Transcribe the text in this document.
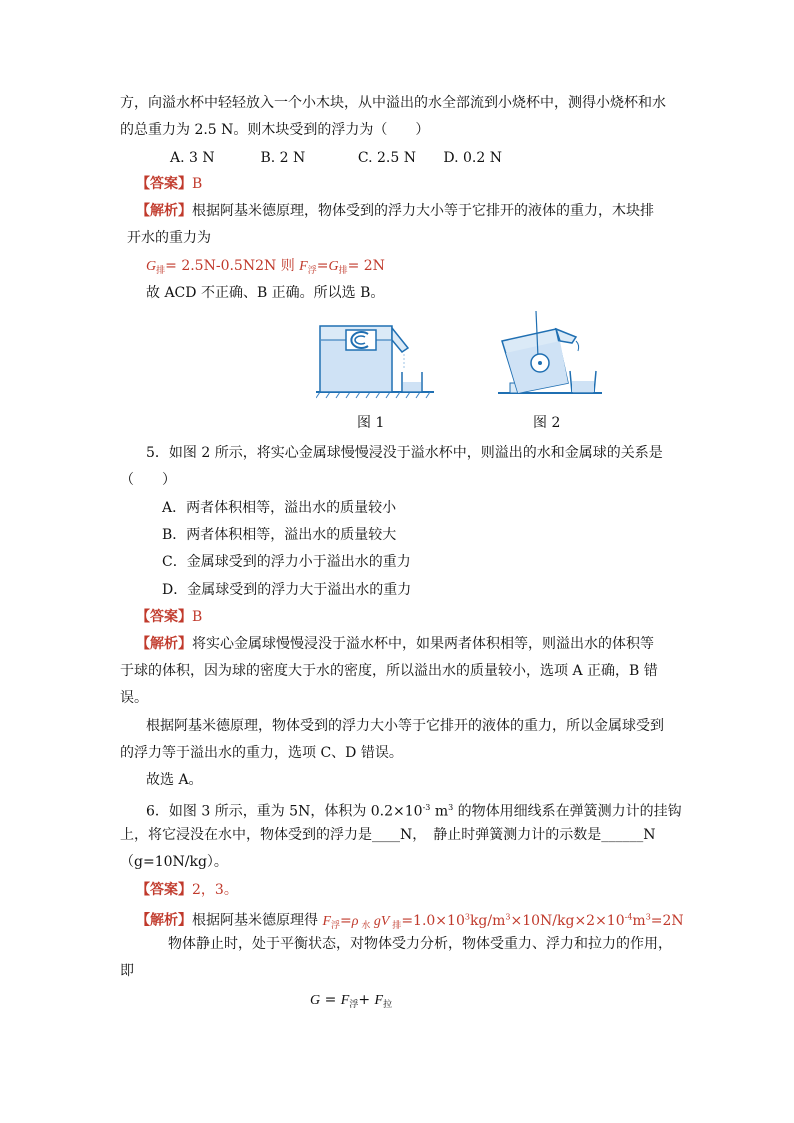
方，向溢水杯中轻轻放入一个小木块，从中溢出的水全部流到小烧杯中，测得小烧杯和水
的总重力为 2.5 N。则木块受到的浮力为（　　）
A. 3 N	B. 2 N	C. 2.5 N D. 0.2 N
【答案】B
【解析】根据阿基米德原理，物体受到的浮力大小等于它排开的液体的重力，木块排
开水的重力为
$G_排= 2.5N-0.5N2N$ 则 $F_浮=G_排= 2N$
故 ACD 不正确、B 正确。所以选 B。
图 1	图 2
5．如图 2 所示，将实心金属球慢慢浸没于溢水杯中，则溢出的水和金属球的关系是
（　　）
A．两者体积相等，溢出水的质量较小
B．两者体积相等，溢出水的质量较大
C．金属球受到的浮力小于溢出水的重力
D．金属球受到的浮力大于溢出水的重力
【答案】B
【解析】将实心金属球慢慢浸没于溢水杯中，如果两者体积相等，则溢出水的体积等
于球的体积，因为球的密度大于水的密度，所以溢出水的质量较小，选项 A 正确，B 错
误。
根据阿基米德原理，物体受到的浮力大小等于它排开的液体的重力，所以金属球受到
的浮力等于溢出水的重力，选项 C、D 错误。
故选 A。
6．如图 3 所示，重为 5N，体积为 $0.2\times 10^{-3}$ $m^3$ 的物体用细线系在弹簧测力计的挂钩
上，将它浸没在水中，物体受到的浮力是____N，　静止时弹簧测力计的示数是______N
（g=10N/kg）。
【答案】2，3。
【解析】根据阿基米德原理得 $F_浮=\rho$ $_水$ gV $_排=1.0\times 10^3kg/m^3\times 10N/kg\times 2\times 10^{-4}m^3=2N$
物体静止时，处于平衡状态，对物体受力分析，物体受重力、浮力和拉力的作用，
即
$G = F_浮+ F_拉$
